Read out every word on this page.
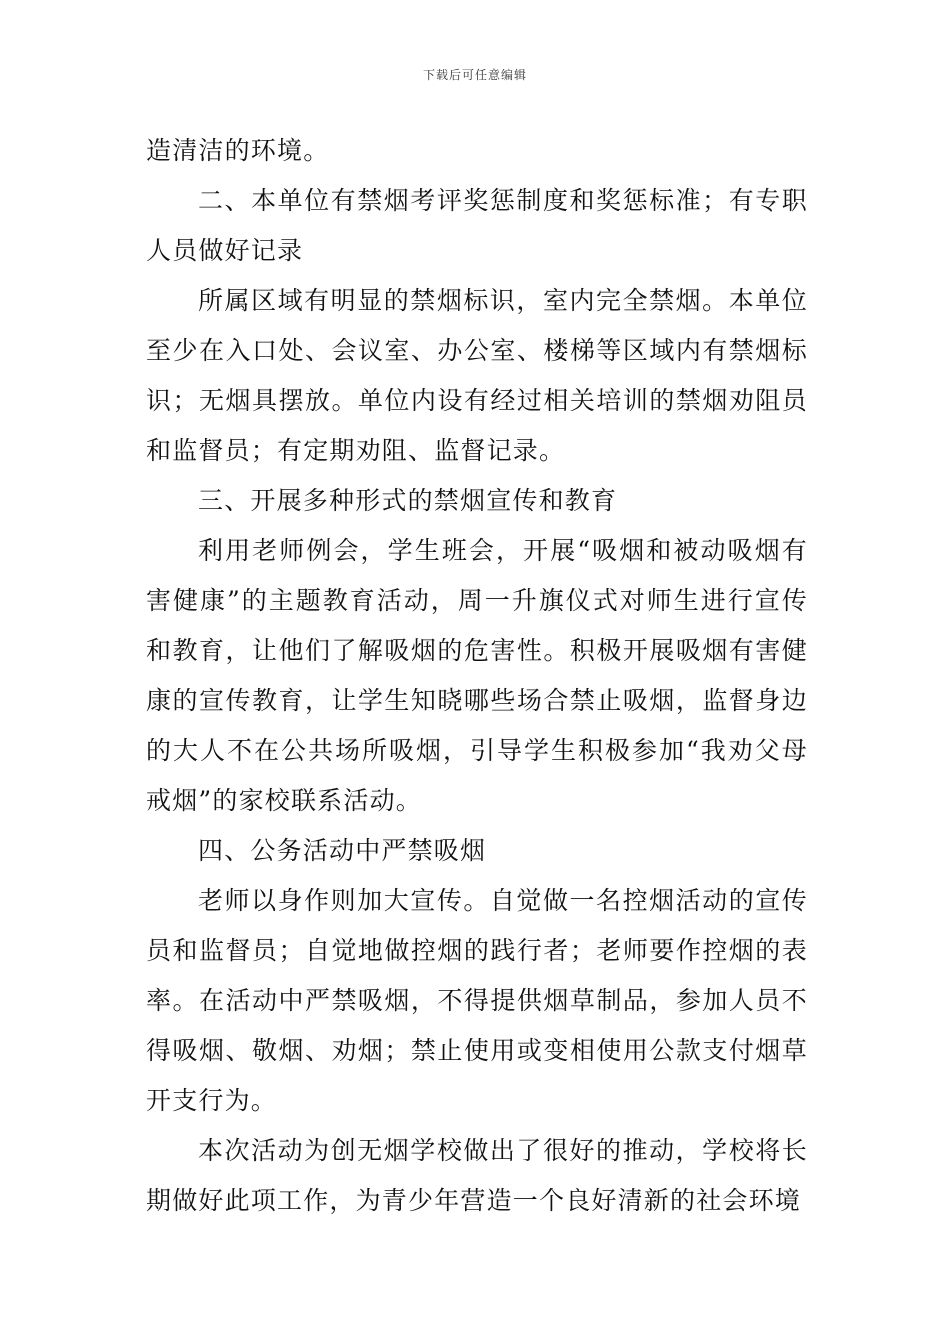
下载后可任意编辑

造清洁的环境。

二、本单位有禁烟考评奖惩制度和奖惩标准；有专职人员做好记录

所属区域有明显的禁烟标识，室内完全禁烟。本单位至少在入口处、会议室、办公室、楼梯等区域内有禁烟标识；无烟具摆放。单位内设有经过相关培训的禁烟劝阻员和监督员；有定期劝阻、监督记录。

三、开展多种形式的禁烟宣传和教育

利用老师例会，学生班会，开展“吸烟和被动吸烟有害健康”的主题教育活动，周一升旗仪式对师生进行宣传和教育，让他们了解吸烟的危害性。积极开展吸烟有害健康的宣传教育，让学生知晓哪些场合禁止吸烟，监督身边的大人不在公共场所吸烟，引导学生积极参加“我劝父母戒烟”的家校联系活动。

四、公务活动中严禁吸烟

老师以身作则加大宣传。自觉做一名控烟活动的宣传员和监督员；自觉地做控烟的践行者；老师要作控烟的表率。在活动中严禁吸烟，不得提供烟草制品，参加人员不得吸烟、敬烟、劝烟；禁止使用或变相使用公款支付烟草开支行为。

本次活动为创无烟学校做出了很好的推动，学校将长期做好此项工作，为青少年营造一个良好清新的社会环境
